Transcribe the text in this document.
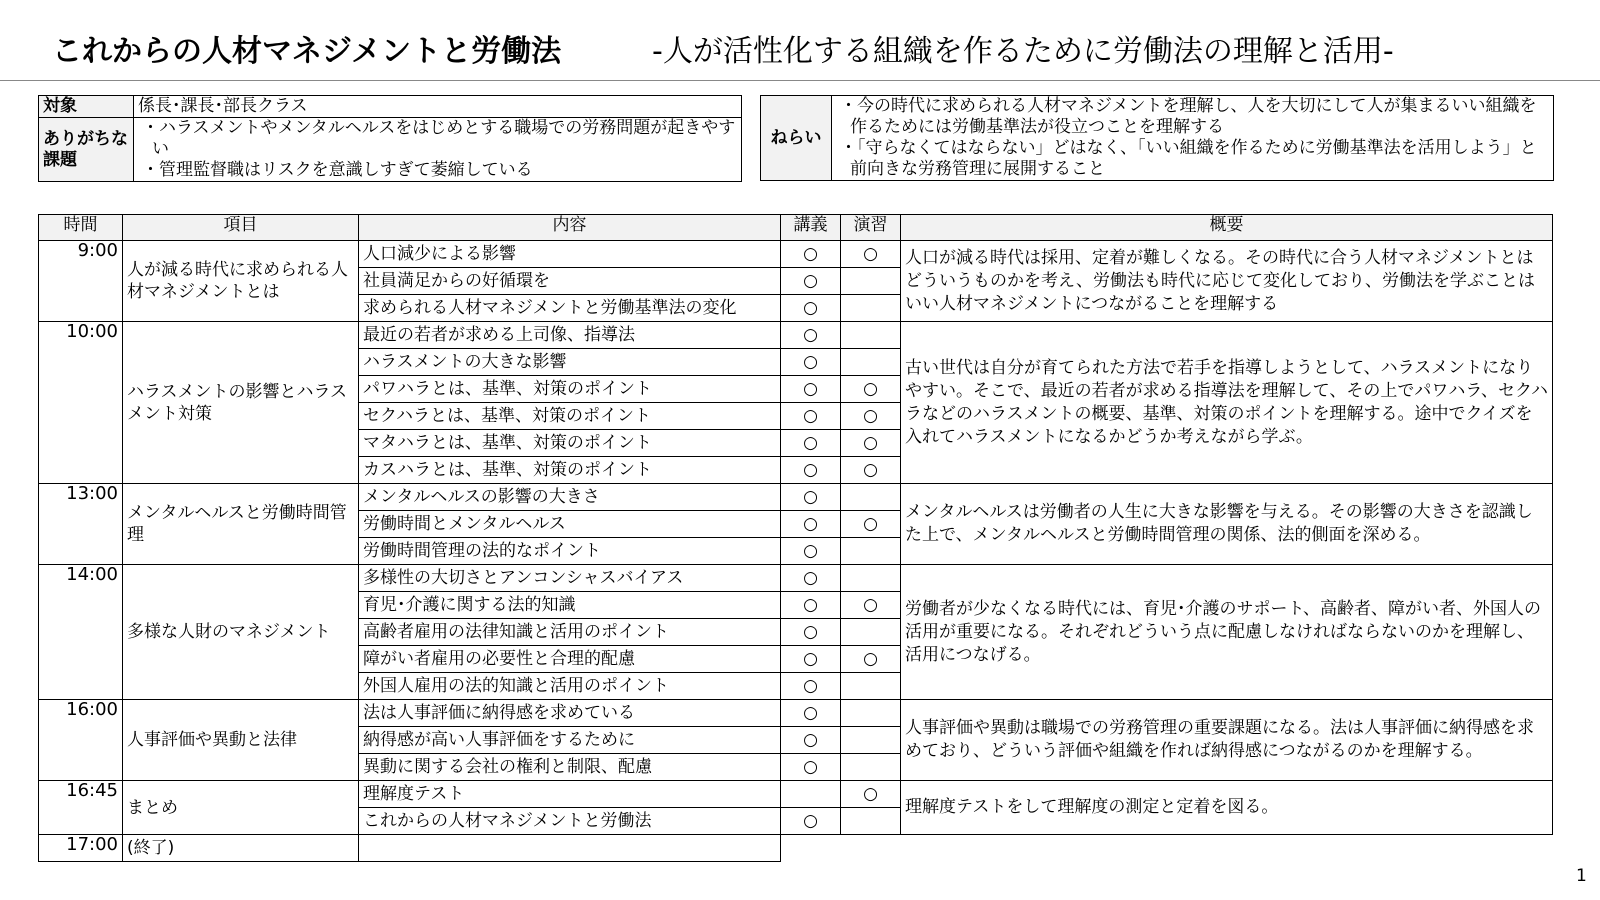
これからの人材マネジメントと労働法	-人が活性化する組織を作るために労働法の理解と活用-
対象	係長･課長･部長クラス
ありがちな課題	・ハラスメントやメンタルヘルスをはじめとする職場での労務問題が起きやすい
・管理監督職はリスクを意識しすぎて萎縮している
ねらい	
・今の時代に求められる人材マネジメントを理解し、人を大切にして人が集まるいい組織を作るためには労働基準法が役立つことを理解する
・「守らなくてはならない」どはなく、「いい組織を作るために労働基準法を活用しよう」と前向きな労務管理に展開すること
時間	項目	内容	講義	演習	概要
9:00	人が減る時代に求められる人材マネジメントとは	人口減少による影響	○	○	人口が減る時代は採用、定着が難しくなる。その時代に合う人材マネジメントとはどういうものかを考え、労働法も時代に応じて変化しており、労働法を学ぶことはいい人材マネジメントにつながることを理解する
		社員満足からの好循環を	○		
		求められる人材マネジメントと労働基準法の変化	○		
10:00	ハラスメントの影響とハラスメント対策	最近の若者が求める上司像、指導法	○		古い世代は自分が育てられた方法で若手を指導しようとして、ハラスメントになりやすい。そこで、最近の若者が求める指導法を理解して、その上でパワハラ、セクハラなどのハラスメントの概要、基準、対策のポイントを理解する。途中でクイズを入れてハラスメントになるかどうか考えながら学ぶ。
		ハラスメントの大きな影響	○		
		パワハラとは、基準、対策のポイント	○	○	
		セクハラとは、基準、対策のポイント	○	○	
		マタハラとは、基準、対策のポイント	○	○	
		カスハラとは、基準、対策のポイント	○	○	
13:00	メンタルヘルスと労働時間管理	メンタルヘルスの影響の大きさ	○		メンタルヘルスは労働者の人生に大きな影響を与える。その影響の大きさを認識した上で、メンタルヘルスと労働時間管理の関係、法的側面を深める。
		労働時間とメンタルヘルス	○	○	
		労働時間管理の法的なポイント	○		
14:00	多様な人財のマネジメント	多様性の大切さとアンコンシャスバイアス	○		労働者が少なくなる時代には、育児･介護のサポート、高齢者、障がい者、外国人の活用が重要になる。それぞれどういう点に配慮しなければならないのかを理解し、活用につなげる。
		育児･介護に関する法的知識	○	○	
		高齢者雇用の法律知識と活用のポイント	○		
		障がい者雇用の必要性と合理的配慮	○	○	
		外国人雇用の法的知識と活用のポイント	○		
16:00	人事評価や異動と法律	法は人事評価に納得感を求めている	○		人事評価や異動は職場での労務管理の重要課題になる。法は人事評価に納得感を求めており、どういう評価や組織を作れば納得感につながるのかを理解する。
		納得感が高い人事評価をするために	○		
		異動に関する会社の権利と制限、配慮	○		
16:45	まとめ	理解度テスト		○	理解度テストをして理解度の測定と定着を図る。
		これからの人材マネジメントと労働法	○		
17:00	(終了)				
1
